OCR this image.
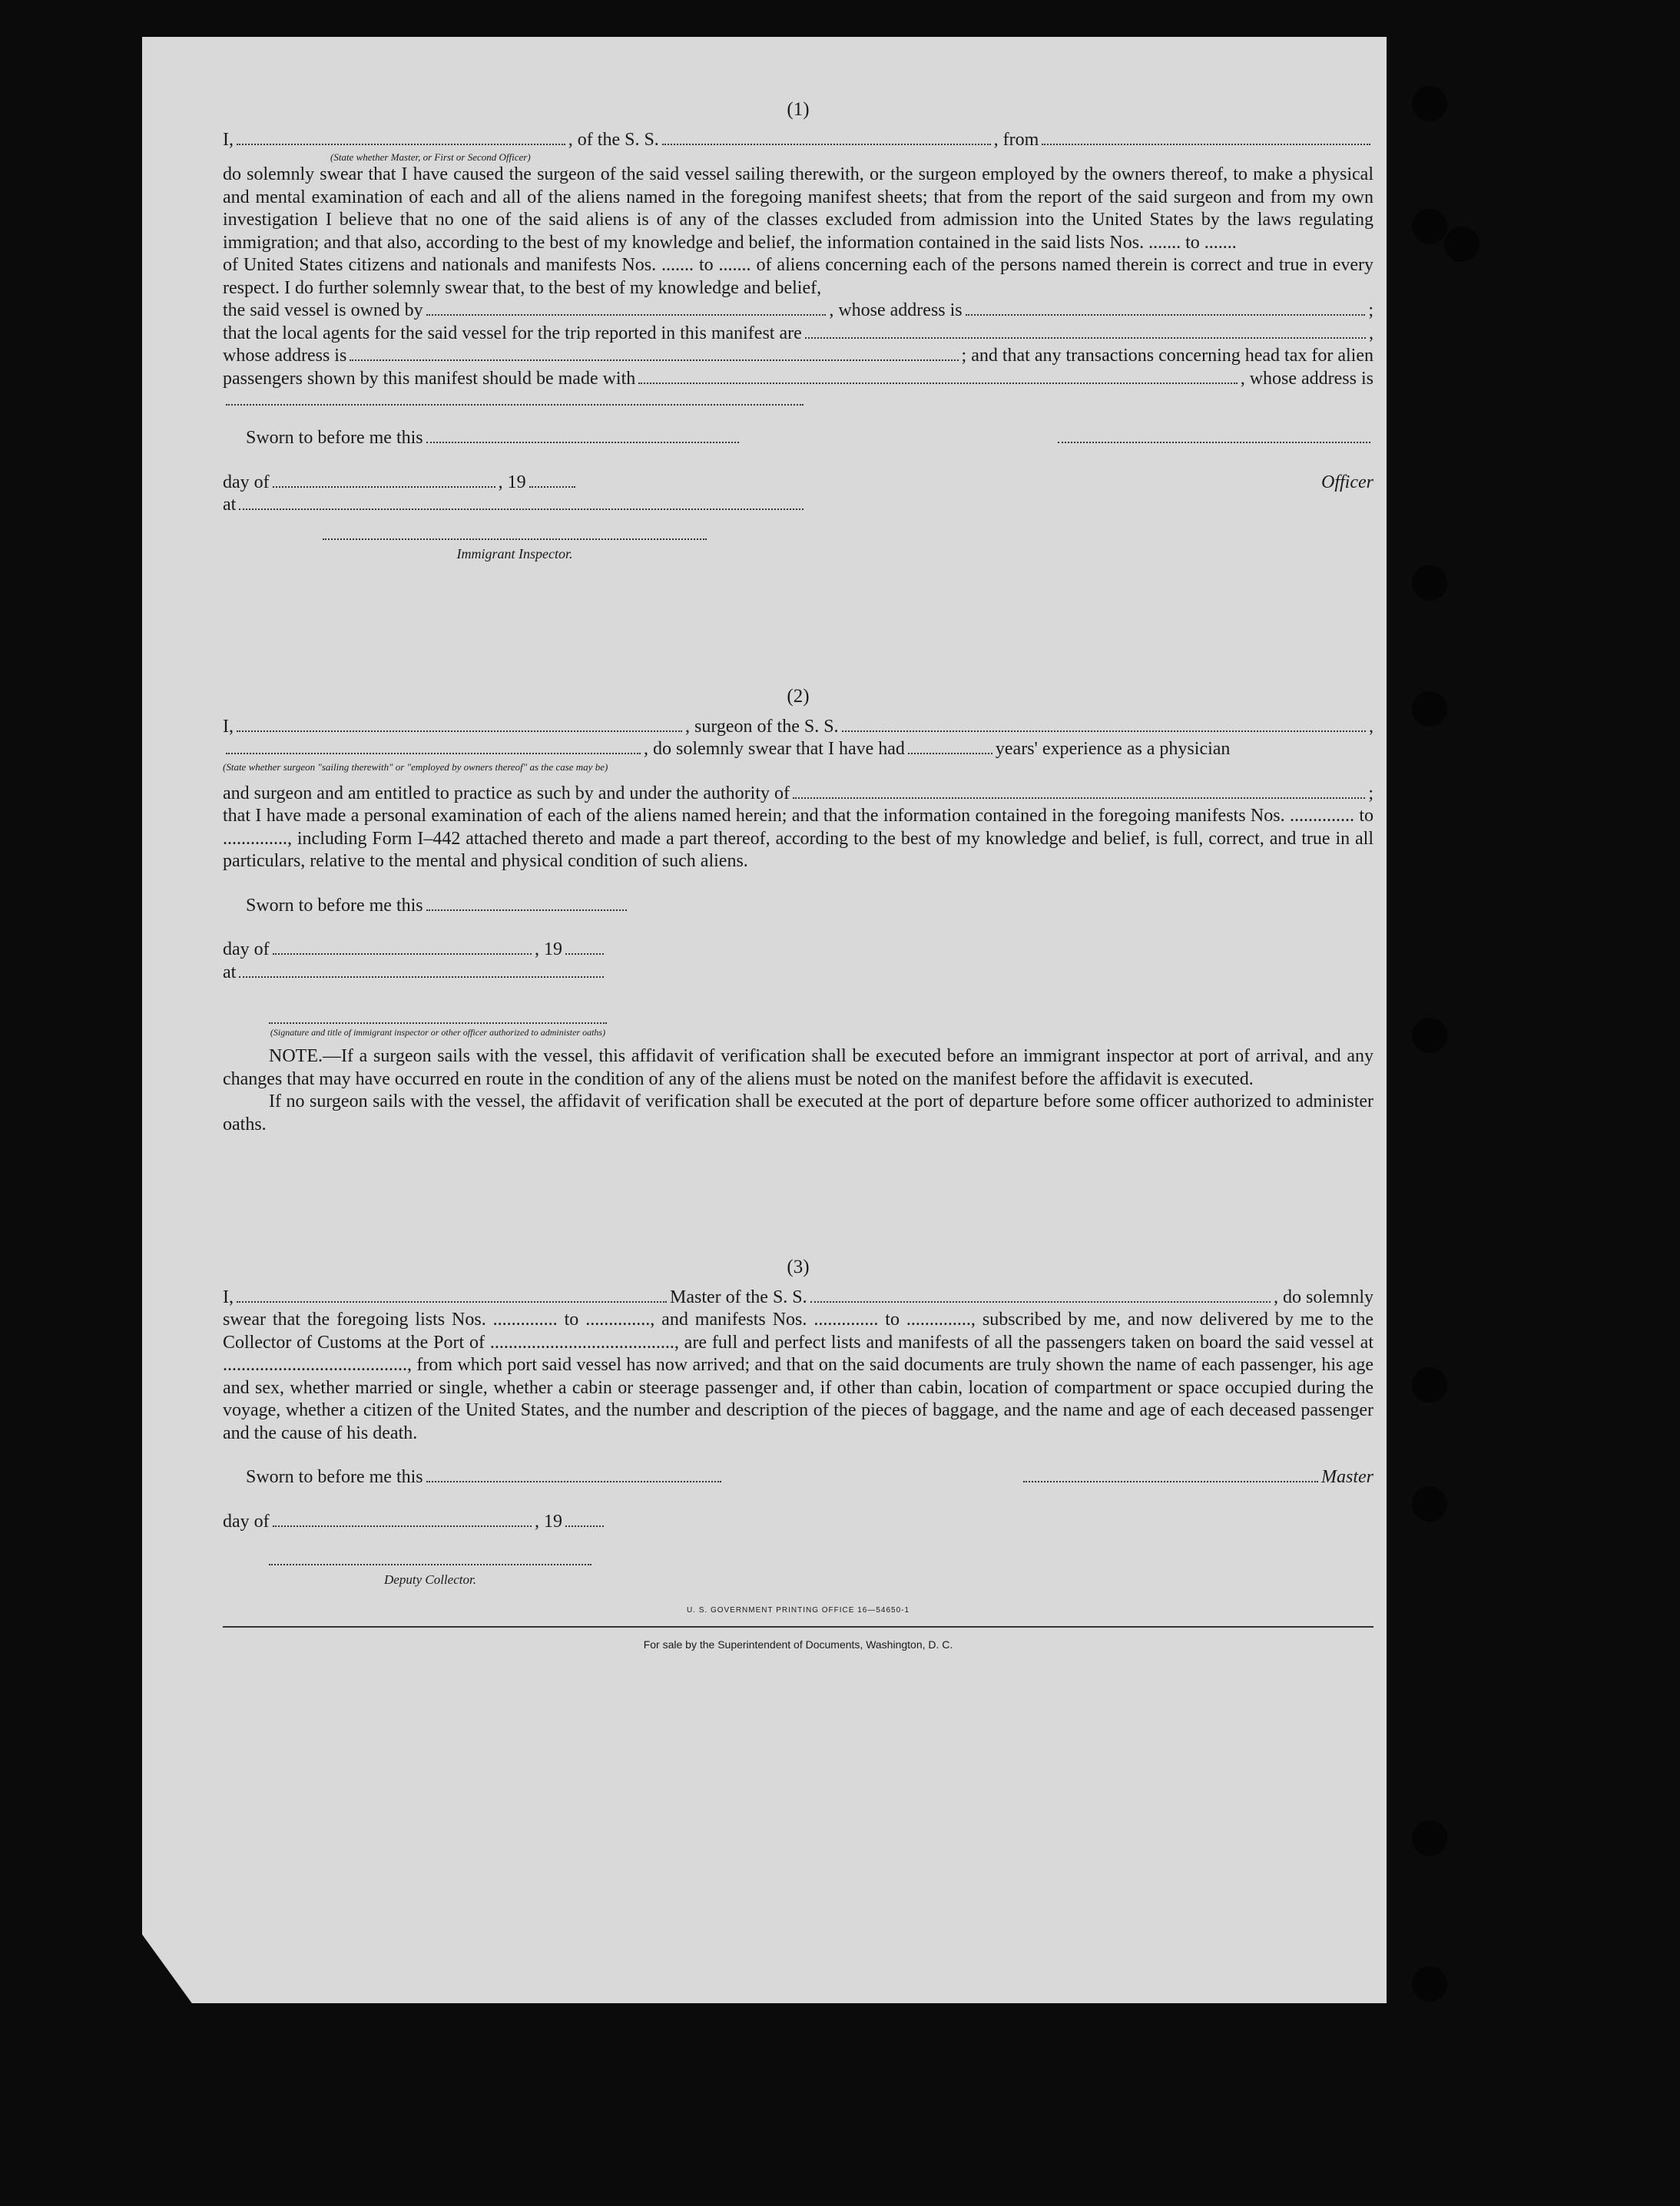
(1)
I,	, of the S. S.	, from
(State whether Master, or First or Second Officer)

do solemnly swear that I have caused the surgeon of the said vessel sailing therewith, or the surgeon employed by the owners thereof, to make a physical and mental examination of each and all of the aliens named in the foregoing manifest sheets; that from the report of the said surgeon and from my own investigation I believe that no one of the said aliens is of any of the classes excluded from admission into the United States by the laws regulating immigration; and that also, according to the best of my knowledge and belief, the information contained in the said lists Nos. ....... to .......

of United States citizens and nationals and manifests Nos. ....... to ....... of aliens concerning each of the persons named therein is correct and true in every respect. I do further solemnly swear that, to the best of my knowledge and belief,

the said vessel is owned by	, whose address is	;
that the local agents for the said vessel for the trip reported in this manifest are	,
whose address is	; and that any transactions concerning head tax for alien
passengers shown by this manifest should be made with	, whose address is
Sworn to before me this
day of	, 19	Officer
at
Immigrant Inspector.
(2)
I,	, surgeon of the S. S.	,
, do solemnly swear that I have had	years' experience as a physician
(State whether surgeon "sailing therewith" or "employed by owners thereof" as the case may be)
and surgeon and am entitled to practice as such by and under the authority of	;

that I have made a personal examination of each of the aliens named herein; and that the information contained in the foregoing manifests Nos. .............. to .............., including Form I–442 attached thereto and made a part thereof, according to the best of my knowledge and belief, is full, correct, and true in all particulars, relative to the mental and physical condition of such aliens.

Sworn to before me this
day of	, 19
at
(Signature and title of immigrant inspector or other officer authorized to administer oaths)

NOTE.—If a surgeon sails with the vessel, this affidavit of verification shall be executed before an immigrant inspector at port of arrival, and any changes that may have occurred en route in the condition of any of the aliens must be noted on the manifest before the affidavit is executed.

If no surgeon sails with the vessel, the affidavit of verification shall be executed at the port of departure before some officer authorized to administer oaths.

(3)
I,	Master of the S. S.	, do solemnly

swear that the foregoing lists Nos. .............. to .............., and manifests Nos. .............. to .............., subscribed by me, and now delivered by me to the Collector of Customs at the Port of ........................................, are full and perfect lists and manifests of all the passengers taken on board the said vessel at ........................................, from which port said vessel has now arrived; and that on the said documents are truly shown the name of each passenger, his age and sex, whether married or single, whether a cabin or steerage passenger and, if other than cabin, location of compartment or space occupied during the voyage, whether a citizen of the United States, and the number and description of the pieces of baggage, and the name and age of each deceased passenger and the cause of his death.

Sworn to before me this	Master
day of	, 19
Deputy Collector.
U. S. GOVERNMENT PRINTING OFFICE 16—54650-1
For sale by the Superintendent of Documents, Washington, D. C.
